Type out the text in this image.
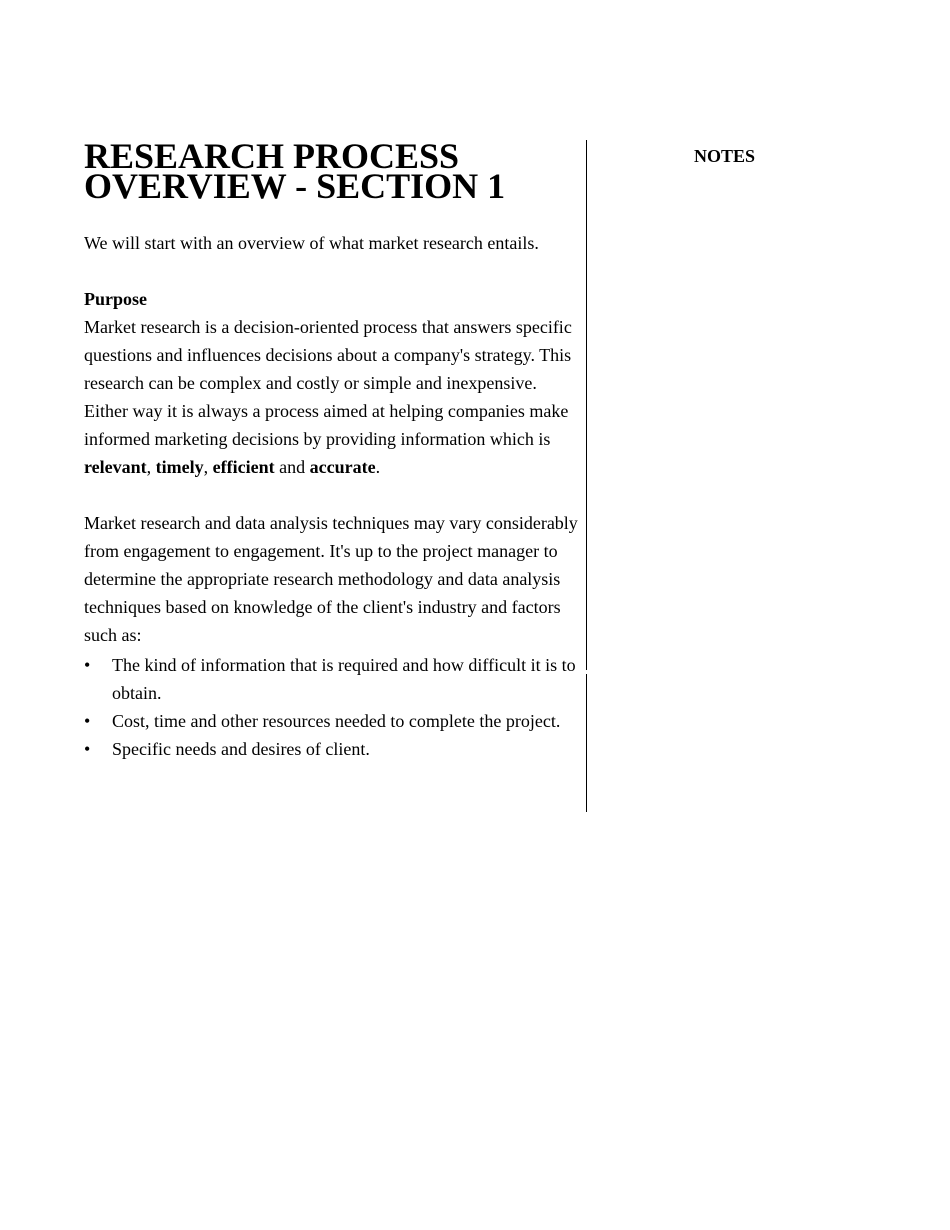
RESEARCH PROCESS OVERVIEW - SECTION 1

We will start with an overview of what market research entails.

Purpose

Market research is a decision-oriented process that answers specific questions and influences decisions about a company's strategy. This research can be complex and costly or simple and inexpensive. Either way it is always a process aimed at helping companies make informed marketing decisions by providing information which is relevant, timely, efficient and accurate.

Market research and data analysis techniques may vary considerably from engagement to engagement. It's up to the project manager to determine the appropriate research methodology and data analysis techniques based on knowledge of the client's industry and factors such as:

• The kind of information that is required and how difficult it is to obtain.
• Cost, time and other resources needed to complete the project.
• Specific needs and desires of client.
NOTES
